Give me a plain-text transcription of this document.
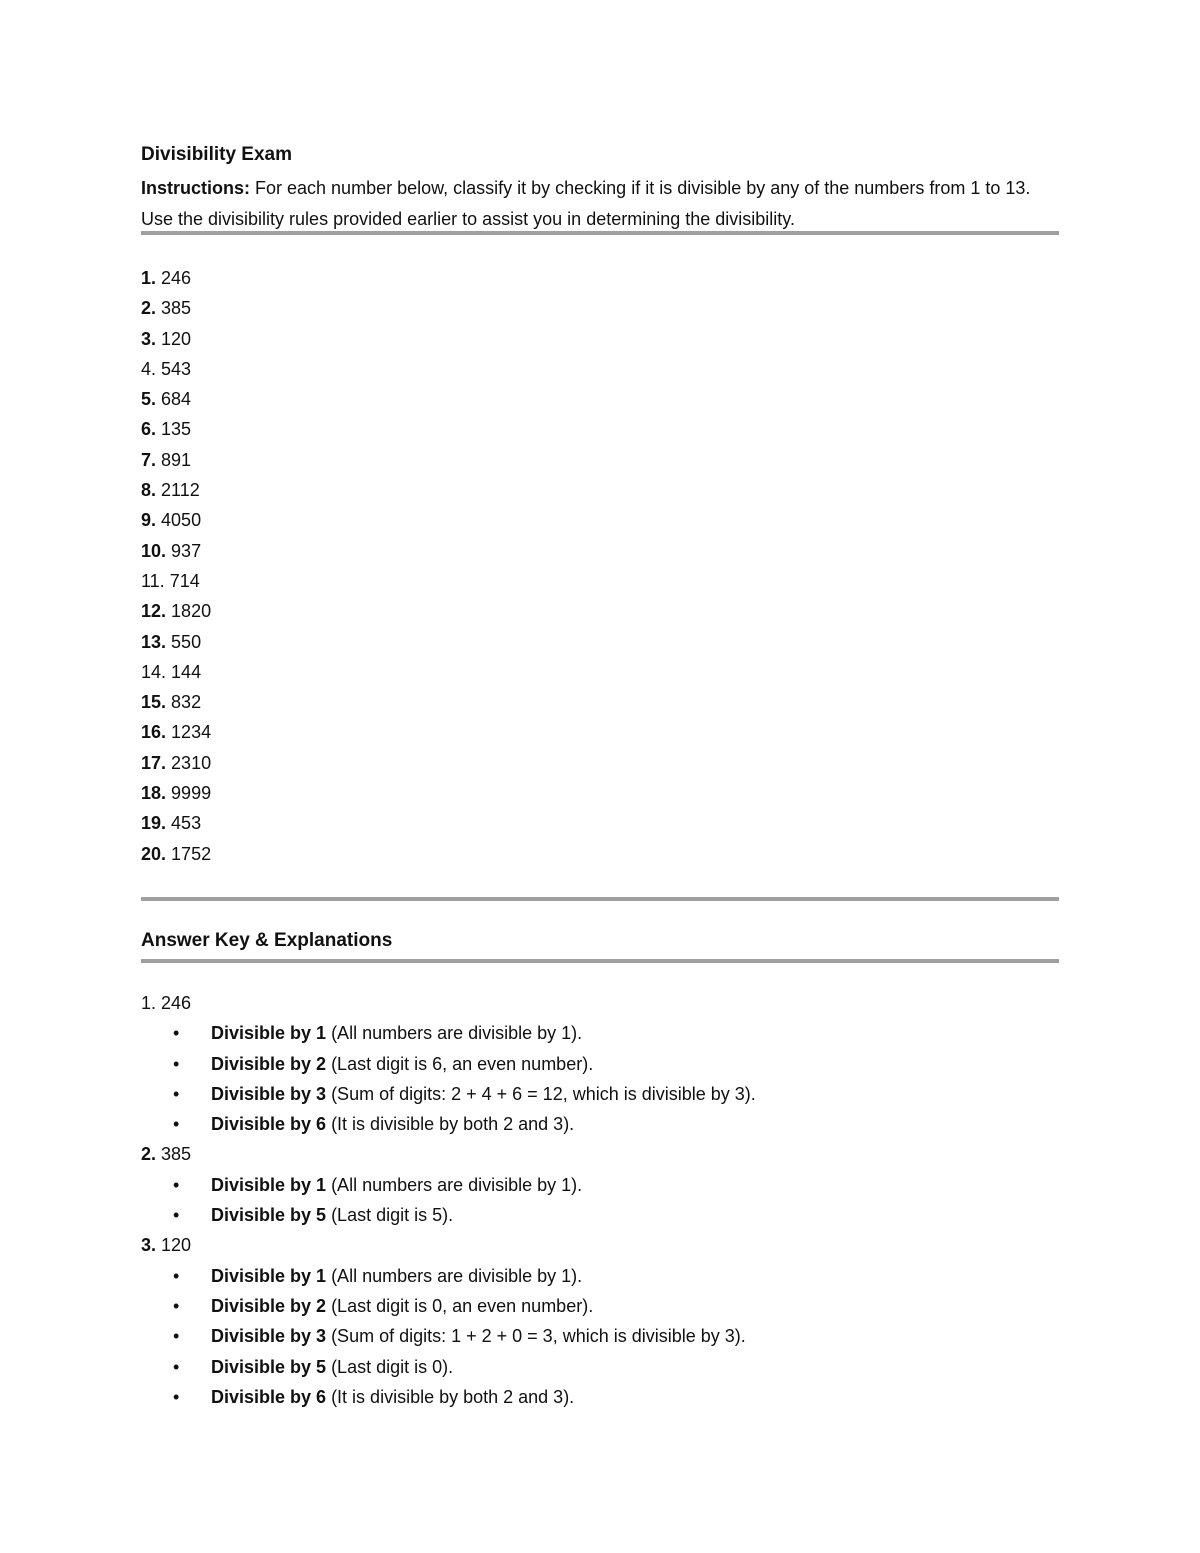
Divisibility Exam
Instructions: For each number below, classify it by checking if it is divisible by any of the numbers from 1 to 13. Use the divisibility rules provided earlier to assist you in determining the divisibility.
1. 246
2. 385
3. 120
4. 543
5. 684
6. 135
7. 891
8. 2112
9. 4050
10. 937
11. 714
12. 1820
13. 550
14. 144
15. 832
16. 1234
17. 2310
18. 9999
19. 453
20. 1752
Answer Key & Explanations
1. 246
• Divisible by 1 (All numbers are divisible by 1).
• Divisible by 2 (Last digit is 6, an even number).
• Divisible by 3 (Sum of digits: 2 + 4 + 6 = 12, which is divisible by 3).
• Divisible by 6 (It is divisible by both 2 and 3).
2. 385
• Divisible by 1 (All numbers are divisible by 1).
• Divisible by 5 (Last digit is 5).
3. 120
• Divisible by 1 (All numbers are divisible by 1).
• Divisible by 2 (Last digit is 0, an even number).
• Divisible by 3 (Sum of digits: 1 + 2 + 0 = 3, which is divisible by 3).
• Divisible by 5 (Last digit is 0).
• Divisible by 6 (It is divisible by both 2 and 3).
